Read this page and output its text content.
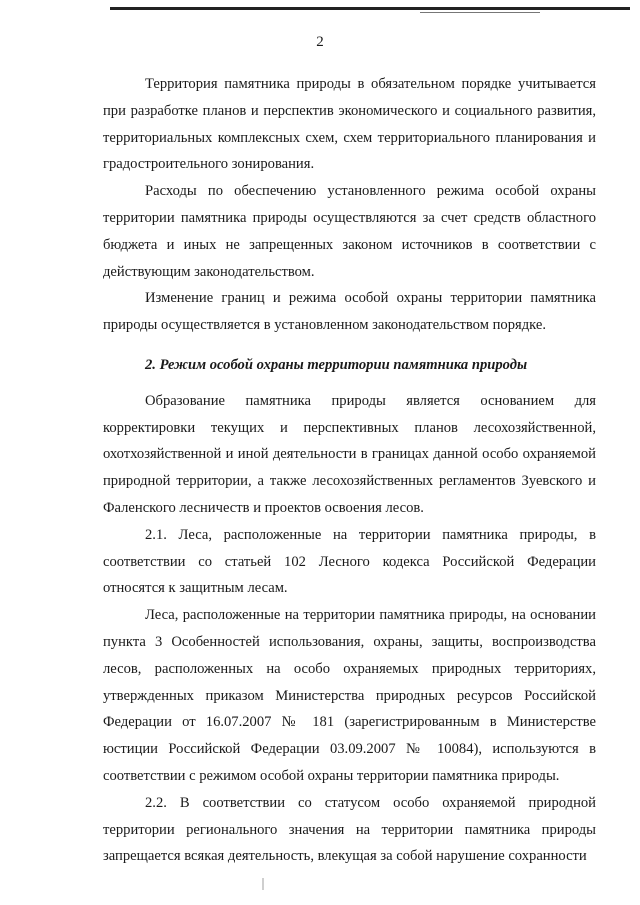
2

Территория памятника природы в обязательном порядке учитывается при разработке планов и перспектив экономического и социального развития, территориальных комплексных схем, схем территориального планирования и градостроительного зонирования.

Расходы по обеспечению установленного режима особой охраны территории памятника природы осуществляются за счет средств областного бюджета и иных не запрещенных законом источников в соответствии с действующим законодательством.

Изменение границ и режима особой охраны территории памятника природы осуществляется в установленном законодательством порядке.

2. Режим особой охраны территории памятника природы

Образование памятника природы является основанием для корректировки текущих и перспективных планов лесохозяйственной, охотхозяйственной и иной деятельности в границах данной особо охраняемой природной территории, а также лесохозяйственных регламентов Зуевского и Фаленского лесничеств и проектов освоения лесов.

2.1. Леса, расположенные на территории памятника природы, в соответствии со статьей 102 Лесного кодекса Российской Федерации относятся к защитным лесам.

Леса, расположенные на территории памятника природы, на основании пункта 3 Особенностей использования, охраны, защиты, воспроизводства лесов, расположенных на особо охраняемых природных территориях, утвержденных приказом Министерства природных ресурсов Российской Федерации от 16.07.2007 № 181 (зарегистрированным в Министерстве юстиции Российской Федерации 03.09.2007 № 10084), используются в соответствии с режимом особой охраны территории памятника природы.

2.2. В соответствии со статусом особо охраняемой природной территории регионального значения на территории памятника природы запрещается всякая деятельность, влекущая за собой нарушение сохранности
